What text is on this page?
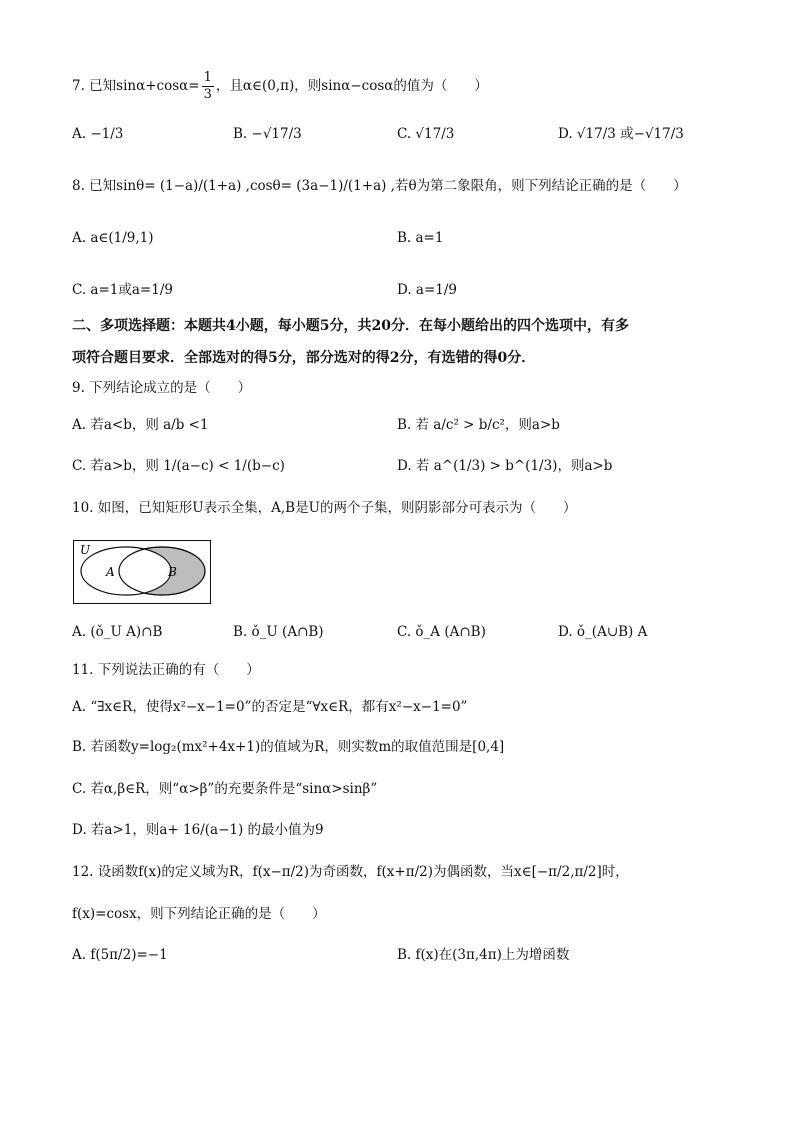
7. 已知$\sin\alpha+\cos\alpha= \frac{1}{3}$ ，且α∈(0,π)，则sinα−cosα的值为（　　）
A. −1/3	B. −√17/3	C. √17/3	D. √17/3 或−√17/3
8. 已知sinθ= (1−a)/(1+a) ,cosθ= (3a−1)/(1+a) ,若θ为第二象限角，则下列结论正确的是（　　）
A. a∈(1/9,1)	B. a=1
C. a=1或a=1/9	D. a=1/9
二、多项选择题：本题共4小题，每小题5分，共20分．在每小题给出的四个选项中，有多
项符合题目要求．全部选对的得5分，部分选对的得2分，有选错的得0分．
9. 下列结论成立的是（　　）
A. 若a<b，则 a/b <1	B. 若 a/c² > b/c²，则a>b
C. 若a>b，则 1/(a−c) < 1/(b−c)	D. 若 a^(1/3) > b^(1/3)，则a>b
10. 如图，已知矩形U表示全集，A,B是U的两个子集，则阴影部分可表示为（　　）
U
A	B
A. (ǒ_U A)∩B	B. ǒ_U (A∩B)	C. ǒ_A (A∩B)	D. ǒ_(A∪B) A
11. 下列说法正确的有（　　）
A. “∃x∈R，使得x²−x−1=0”的否定是“∀x∈R，都有x²−x−1=0”
B. 若函数y=log₂(mx²+4x+1)的值域为R，则实数m的取值范围是[0,4]
C. 若α,β∈R，则“α>β”的充要条件是“sinα>sinβ”
D. 若a>1，则a+ 16/(a−1) 的最小值为9
12. 设函数f(x)的定义域为R，f(x−π/2)为奇函数，f(x+π/2)为偶函数，当x∈[−π/2,π/2]时，
f(x)=cosx，则下列结论正确的是（　　）
A. f(5π/2)=−1	B. f(x)在(3π,4π)上为增函数
